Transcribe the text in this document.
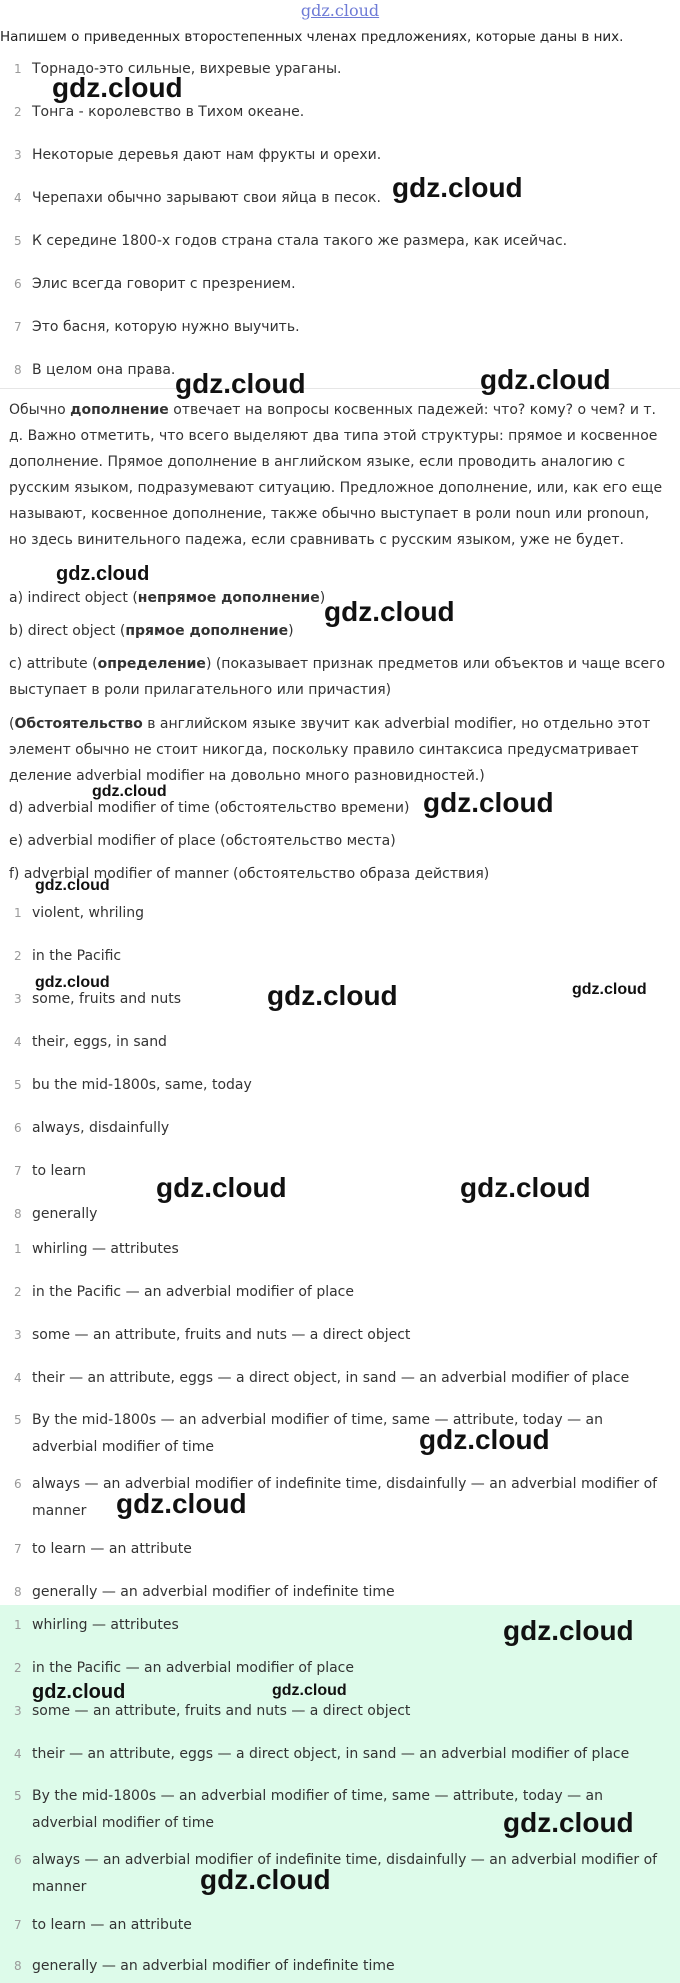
gdz.cloud
Напишем о приведенных второстепенных членах предложениях, которые даны в них.
1 Торнадо-это сильные, вихревые ураганы.
2 Тонга - королевство в Тихом океане.
3 Некоторые деревья дают нам фрукты и орехи.
4 Черепахи обычно зарывают свои яйца в песок.
5 К середине 1800-х годов страна стала такого же размера, как исейчас.
6 Элис всегда говорит с презрением.
7 Это басня, которую нужно выучить.
8 В целом она права.

Обычно дополнение отвечает на вопросы косвенных падежей: что? кому? о чем? и т. д. Важно отметить, что всего выделяют два типа этой структуры: прямое и косвенное дополнение. Прямое дополнение в английском языке, если проводить аналогию с русским языком, подразумевают ситуацию. Предложное дополнение, или, как его еще называют, косвенное дополнение, также обычно выступает в роли noun или pronoun, но здесь винительного падежа, если сравнивать с русским языком, уже не будет.

a) indirect object (непрямое дополнение)

b) direct object (прямое дополнение)

c) attribute (определение) (показывает признак предметов или объектов и чаще всего выступает в роли прилагательного или причастия)

(Обстоятельство в английском языке звучит как adverbial modifier, но отдельно этот элемент обычно не стоит никогда, поскольку правило синтаксиса предусматривает деление adverbial modifier на довольно много разновидностей.)

d) adverbial modifier of time (обстоятельство времени)

e) adverbial modifier of place (обстоятельство места)

f) adverbial modifier of manner (обстоятельство образа действия)

1 violent, whriling
2 in the Pacific
3 some, fruits and nuts
4 their, eggs, in sand
5 bu the mid-1800s, same, today
6 always, disdainfully
7 to learn
8 generally
1 whirling — attributes
2 in the Pacific — an adverbial modifier of place
3 some — an attribute, fruits and nuts — a direct object
4 their — an attribute, eggs — a direct object, in sand — an adverbial modifier of place
5 By the mid-1800s — an adverbial modifier of time, same — attribute, today — an adverbial modifier of time
6 always — an adverbial modifier of indefinite time, disdainfully — an adverbial modifier of manner
7 to learn — an attribute
8 generally — an adverbial modifier of indefinite time
1 whirling — attributes
2 in the Pacific — an adverbial modifier of place
3 some — an attribute, fruits and nuts — a direct object
4 their — an attribute, eggs — a direct object, in sand — an adverbial modifier of place
5 By the mid-1800s — an adverbial modifier of time, same — attribute, today — an adverbial modifier of time
6 always — an adverbial modifier of indefinite time, disdainfully — an adverbial modifier of manner
7 to learn — an attribute
8 generally — an adverbial modifier of indefinite time
gdz.cloud
gdz.cloud
gdz.cloud	gdz.cloud
gdz.cloud
gdz.cloud
gdz.cloud	gdz.cloud
gdz.cloud
gdz.cloud	gdz.cloud	gdz.cloud
gdz.cloud	gdz.cloud
gdz.cloud
gdz.cloud
gdz.cloud
gdz.cloud	gdz.cloud
gdz.cloud
gdz.cloud
